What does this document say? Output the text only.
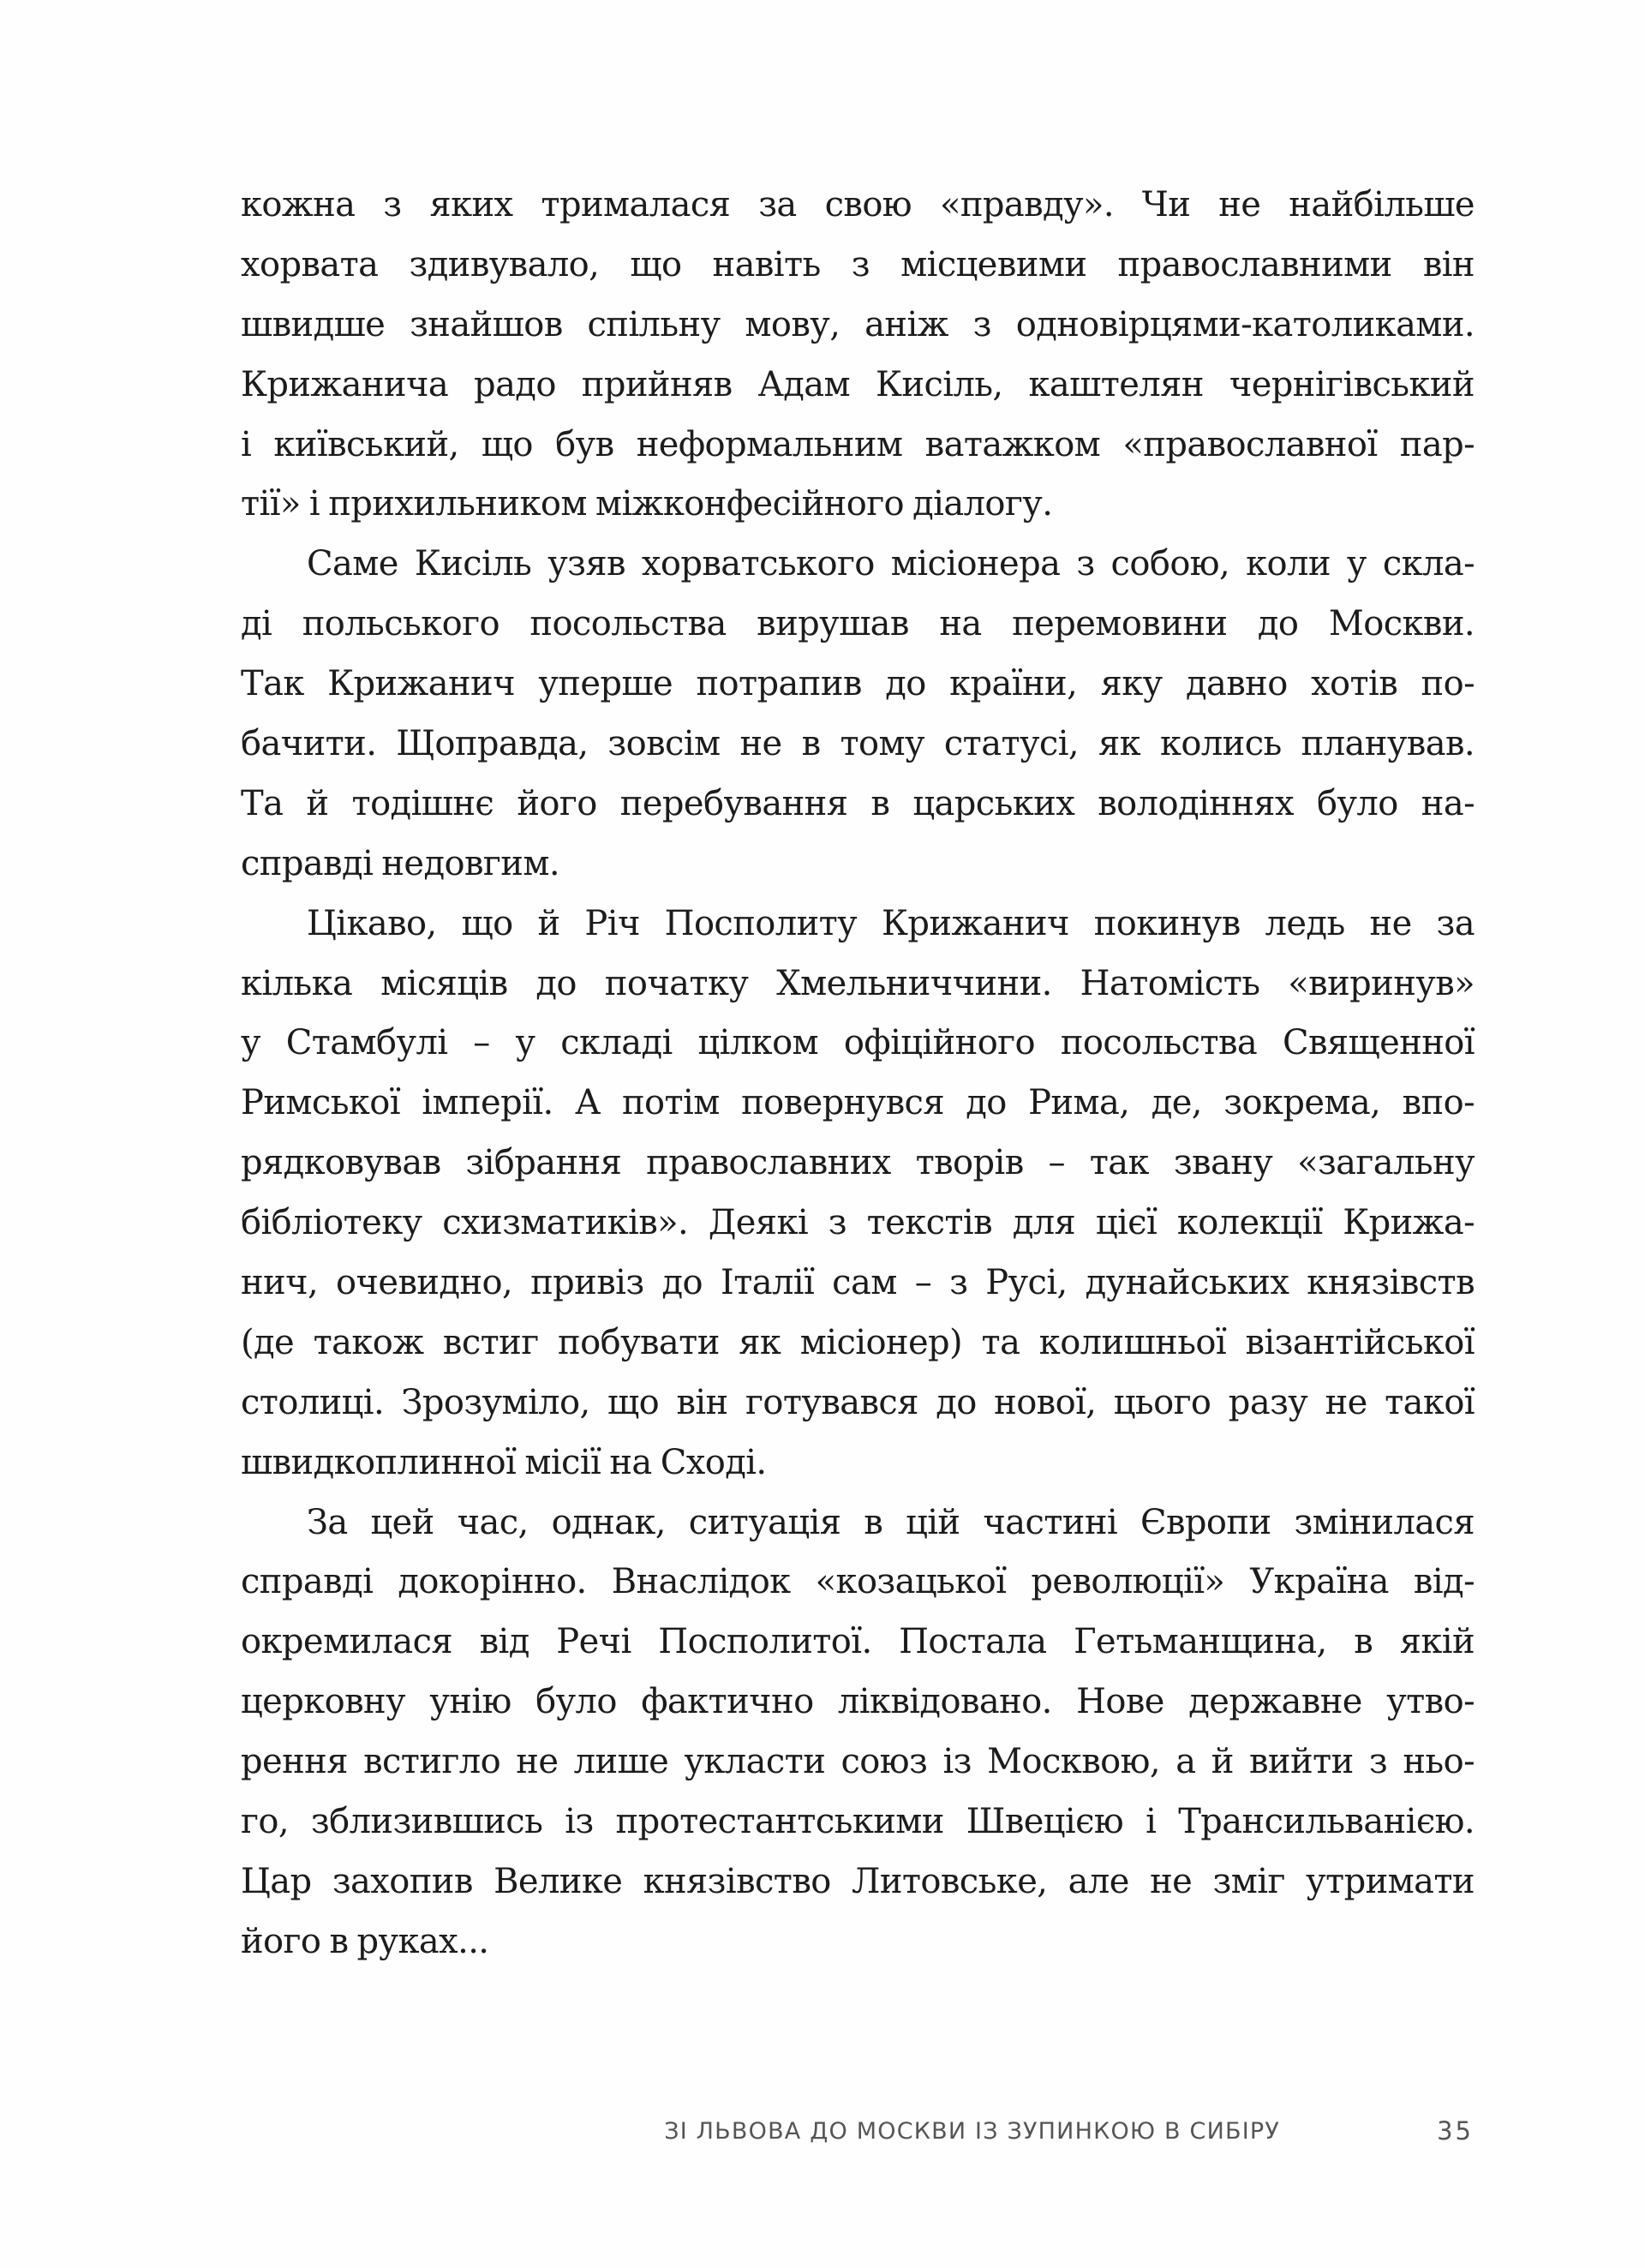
кожна з яких трималася за свою «правду». Чи не найбільше
хорвата здивувало, що навіть з місцевими православними він
швидше знайшов спільну мову, аніж з одновірцями-католиками.
Крижанича радо прийняв Адам Кисіль, каштелян чернігівський
і київський, що був неформальним ватажком «православної пар-
тії» і прихильником міжконфесійного діалогу.
Саме Кисіль узяв хорватського місіонера з собою, коли у скла-
ді польського посольства вирушав на перемовини до Москви.
Так Крижанич уперше потрапив до країни, яку давно хотів по-
бачити. Щоправда, зовсім не в тому статусі, як колись планував.
Та й тодішнє його перебування в царських володіннях було на-
справді недовгим.
Цікаво, що й Річ Посполиту Крижанич покинув ледь не за
кілька місяців до початку Хмельниччини. Натомість «виринув»
у Стамбулі – у складі цілком офіційного посольства Священної
Римської імперії. А потім повернувся до Рима, де, зокрема, впо-
рядковував зібрання православних творів – так звану «загальну
бібліотеку схизматиків». Деякі з текстів для цієї колекції Крижа-
нич, очевидно, привіз до Італії сам – з Русі, дунайських князівств
(де також встиг побувати як місіонер) та колишньої візантійської
столиці. Зрозуміло, що він готувався до нової, цього разу не такої
швидкоплинної місії на Сході.
За цей час, однак, ситуація в цій частині Європи змінилася
справді докорінно. Внаслідок «козацької революції» Україна від-
окремилася від Речі Посполитої. Постала Гетьманщина, в якій
церковну унію було фактично ліквідовано. Нове державне утво-
рення встигло не лише укласти союз із Москвою, а й вийти з ньо-
го, зблизившись із протестантськими Швецією і Трансильванією.
Цар захопив Велике князівство Литовське, але не зміг утримати
його в руках...
ЗІ ЛЬВОВА ДО МОСКВИ ІЗ ЗУПИНКОЮ В СИБІРУ	35
